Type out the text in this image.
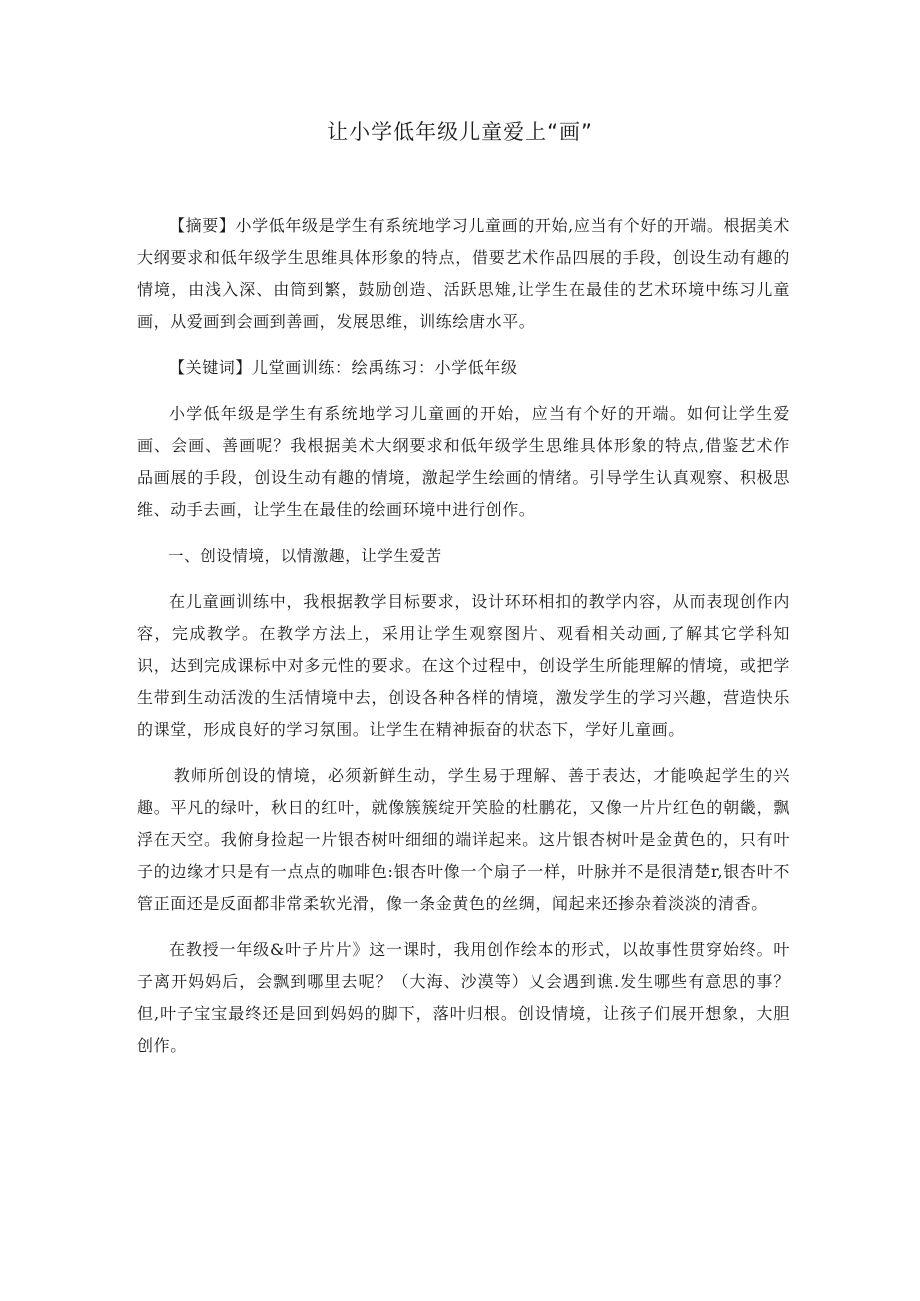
让小学低年级儿童爱上“画”

【摘要】小学低年级是学生有系统地学习儿童画的开始,应当有个好的开端。根据美术大纲要求和低年级学生思维具体形象的特点，借要艺术作品四展的手段，创设生动有趣的情境，由浅入深、由筒到繁，鼓励创造、活跃思雉,让学生在最佳的艺术环境中练习儿童画，从爱画到会画到善画，发展思维，训练绘唐水平。

【关键词】儿堂画训练：绘禹练习：小学低年级

小学低年级是学生有系统地学习儿童画的开始，应当有个好的开端。如何让学生爱画、会画、善画呢？我根据美术大纲要求和低年级学生思维具体形象的特点,借鉴艺术作品画展的手段，创设生动有趣的情境，激起学生绘画的情绪。引导学生认真观察、积极思维、动手去画，让学生在最佳的绘画环境中进行创作。

一、创设情境，以情激趣，让学生爱苦

在儿童画训练中，我根据教学目标要求，设计环环相扣的教学内容，从而表现创作内容，完成教学。在教学方法上，采用让学生观察图片、观看相关动画,了解其它学科知识，达到完成课标中对多元性的要求。在这个过程中，创设学生所能理解的情境，或把学生带到生动活泼的生活情境中去，创设各种各样的情境，激发学生的学习兴趣，营造快乐的课堂，形成良好的学习氛围。让学生在精神振奋的状态下，学好儿童画。

教师所创设的情境，必须新鲜生动，学生易于理解、善于表达，才能唤起学生的兴趣。平凡的绿叶，秋日的红叶，就像簇簇绽开笑脸的杜鹏花，又像一片片红色的朝畿，飘浮在天空。我俯身捡起一片银杏树叶细细的端详起来。这片银杏树叶是金黄色的，只有叶子的边缘才只是有一点点的咖啡色:银杏叶像一个扇子一样，叶脉并不是很清楚r,银杏叶不管正面还是反面都非常柔软光滑，像一条金黄色的丝绸，闻起来还掺杂着淡淡的清香。

在教授一年级&叶子片片》这一课时，我用创作绘本的形式，以故事性贯穿始终。叶子离开妈妈后，会飘到哪里去呢？（大海、沙漠等）乂会遇到谯.发生哪些有意思的事？但,叶子宝宝最终还是回到妈妈的脚下，落叶归根。创设情境，让孩子们展开想象，大胆创作。
